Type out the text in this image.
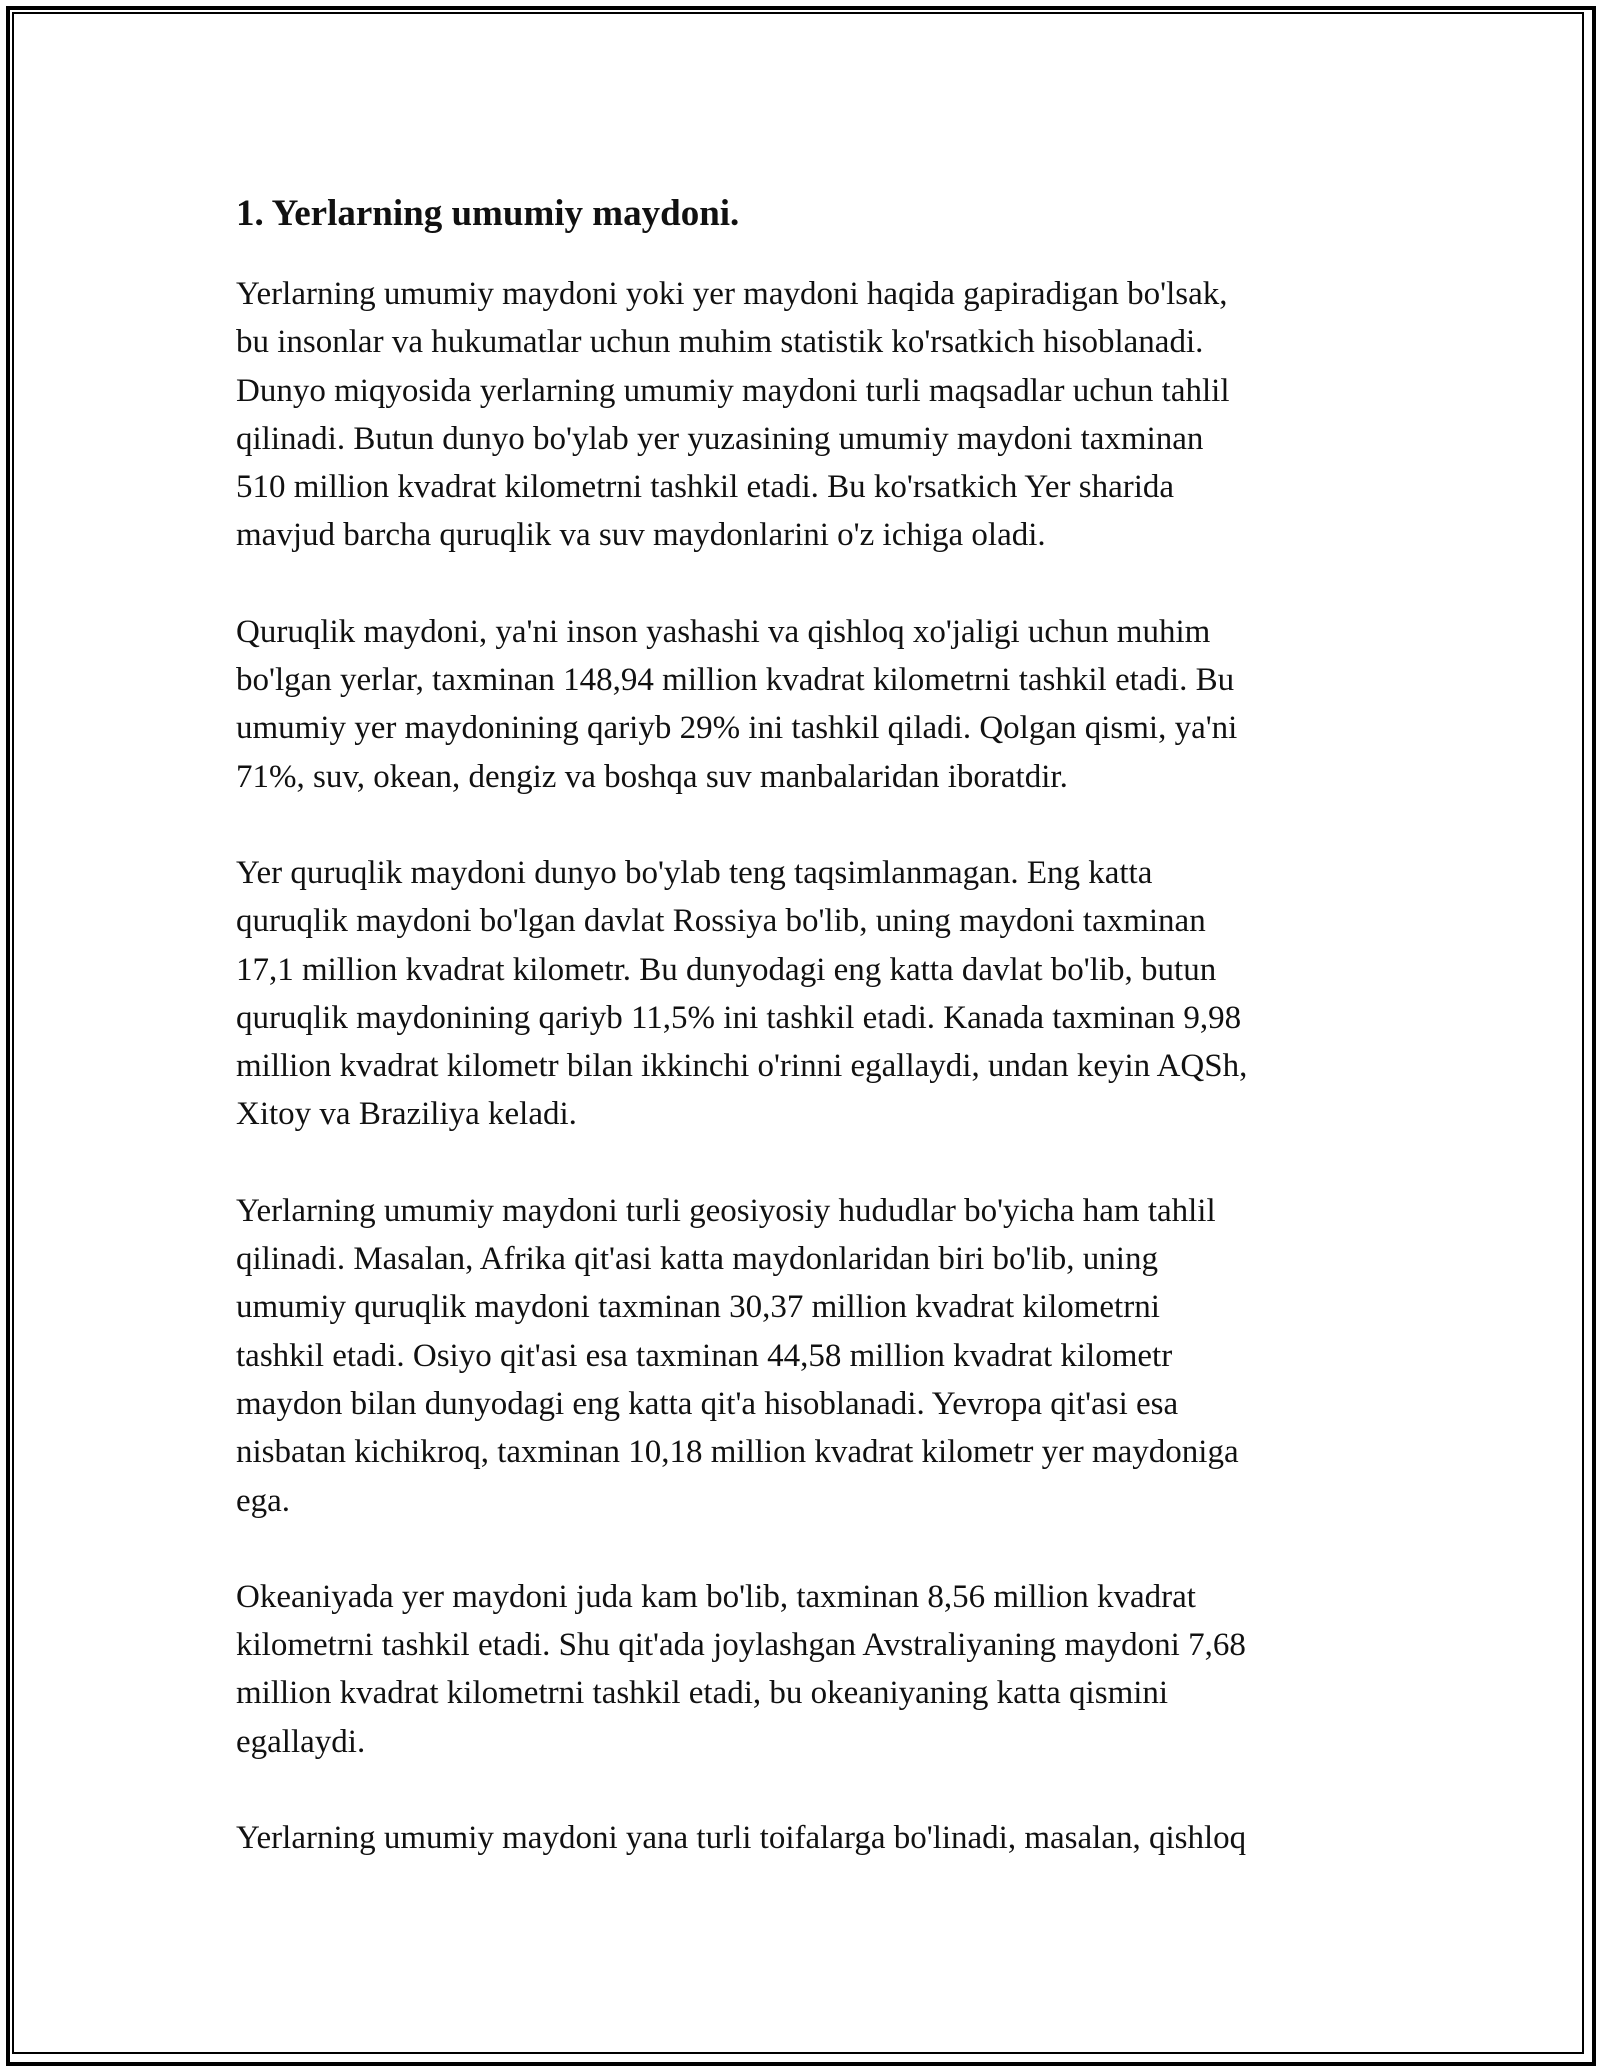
1. Yerlarning umumiy maydoni.

Yerlarning umumiy maydoni yoki yer maydoni haqida gapiradigan bo'lsak,
bu insonlar va hukumatlar uchun muhim statistik ko'rsatkich hisoblanadi.
Dunyo miqyosida yerlarning umumiy maydoni turli maqsadlar uchun tahlil
qilinadi. Butun dunyo bo'ylab yer yuzasining umumiy maydoni taxminan
510 million kvadrat kilometrni tashkil etadi. Bu ko'rsatkich Yer sharida
mavjud barcha quruqlik va suv maydonlarini o'z ichiga oladi.

Quruqlik maydoni, ya'ni inson yashashi va qishloq xo'jaligi uchun muhim
bo'lgan yerlar, taxminan 148,94 million kvadrat kilometrni tashkil etadi. Bu
umumiy yer maydonining qariyb 29% ini tashkil qiladi. Qolgan qismi, ya'ni
71%, suv, okean, dengiz va boshqa suv manbalaridan iboratdir.

Yer quruqlik maydoni dunyo bo'ylab teng taqsimlanmagan. Eng katta
quruqlik maydoni bo'lgan davlat Rossiya bo'lib, uning maydoni taxminan
17,1 million kvadrat kilometr. Bu dunyodagi eng katta davlat bo'lib, butun
quruqlik maydonining qariyb 11,5% ini tashkil etadi. Kanada taxminan 9,98
million kvadrat kilometr bilan ikkinchi o'rinni egallaydi, undan keyin AQSh,
Xitoy va Braziliya keladi.

Yerlarning umumiy maydoni turli geosiyosiy hududlar bo'yicha ham tahlil
qilinadi. Masalan, Afrika qit'asi katta maydonlaridan biri bo'lib, uning
umumiy quruqlik maydoni taxminan 30,37 million kvadrat kilometrni
tashkil etadi. Osiyo qit'asi esa taxminan 44,58 million kvadrat kilometr
maydon bilan dunyodagi eng katta qit'a hisoblanadi. Yevropa qit'asi esa
nisbatan kichikroq, taxminan 10,18 million kvadrat kilometr yer maydoniga
ega.

Okeaniyada yer maydoni juda kam bo'lib, taxminan 8,56 million kvadrat
kilometrni tashkil etadi. Shu qit'ada joylashgan Avstraliyaning maydoni 7,68
million kvadrat kilometrni tashkil etadi, bu okeaniyaning katta qismini
egallaydi.

Yerlarning umumiy maydoni yana turli toifalarga bo'linadi, masalan, qishloq
